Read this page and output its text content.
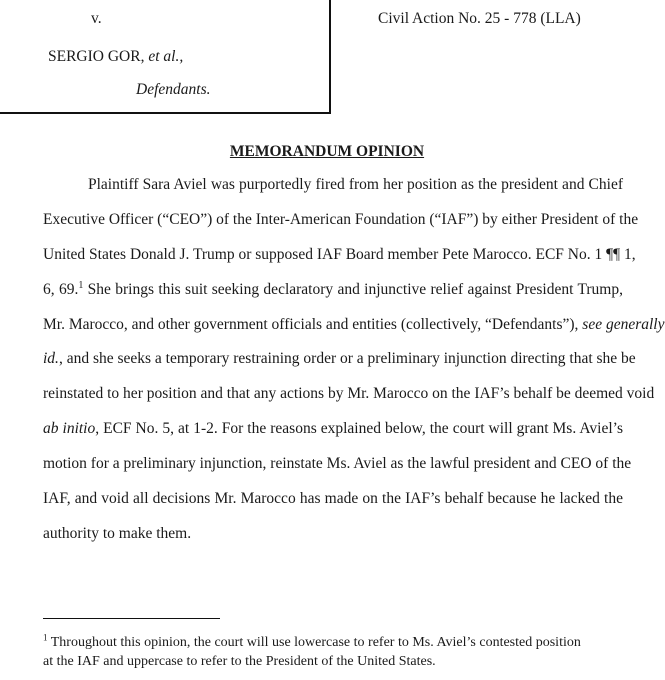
v.
SERGIO GOR, et al.,
Defendants.
Civil Action No. 25 - 778 (LLA)
MEMORANDUM OPINION
Plaintiff Sara Aviel was purportedly fired from her position as the president and Chief
Executive Officer (“CEO”) of the Inter-American Foundation (“IAF”) by either President of the
United States Donald J. Trump or supposed IAF Board member Pete Marocco. ECF No. 1 ¶¶ 1,
6, 69.$^1$ She brings this suit seeking declaratory and injunctive relief against President Trump,
Mr. Marocco, and other government officials and entities (collectively, “Defendants”), see generally
id., and she seeks a temporary restraining order or a preliminary injunction directing that she be
reinstated to her position and that any actions by Mr. Marocco on the IAF’s behalf be deemed void
ab initio, ECF No. 5, at 1-2. For the reasons explained below, the court will grant Ms. Aviel’s
motion for a preliminary injunction, reinstate Ms. Aviel as the lawful president and CEO of the
IAF, and void all decisions Mr. Marocco has made on the IAF’s behalf because he lacked the
authority to make them.
$^1$ Throughout this opinion, the court will use lowercase to refer to Ms. Aviel’s contested position
at the IAF and uppercase to refer to the President of the United States.
